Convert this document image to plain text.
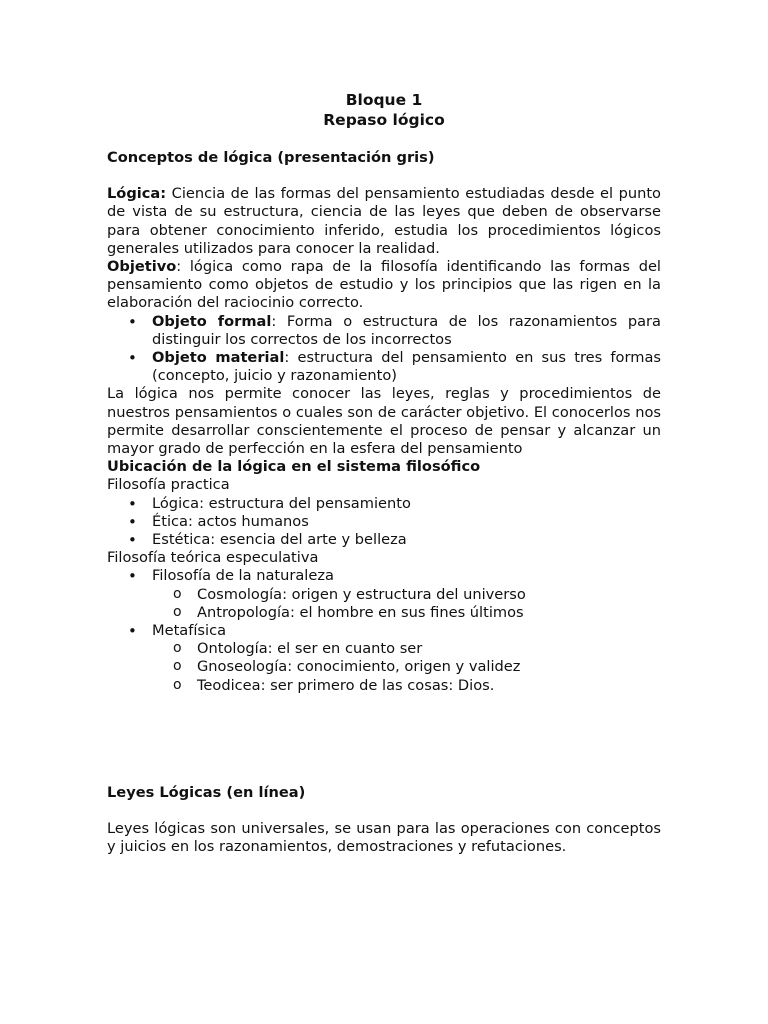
Bloque 1
Repaso lógico
Conceptos de lógica (presentación gris)

Lógica: Ciencia de las formas del pensamiento estudiadas desde el punto de vista de su estructura, ciencia de las leyes que deben de observarse para obtener conocimiento inferido, estudia los procedimientos lógicos generales utilizados para conocer la realidad.

Objetivo: lógica como rapa de la filosofía identificando las formas del pensamiento como objetos de estudio y los principios que las rigen en la elaboración del raciocinio correcto.

• Objeto formal: Forma o estructura de los razonamientos para distinguir los correctos de los incorrectos
• Objeto material: estructura del pensamiento en sus tres formas (concepto, juicio y razonamiento)

La lógica nos permite conocer las leyes, reglas y procedimientos de nuestros pensamientos o cuales son de carácter objetivo. El conocerlos nos permite desarrollar conscientemente el proceso de pensar y alcanzar un mayor grado de perfección en la esfera del pensamiento

Ubicación de la lógica en el sistema filosófico
Filosofía practica
• Lógica: estructura del pensamiento
• Ética: actos humanos
• Estética: esencia del arte y belleza
Filosofía teórica especulativa
• Filosofía de la naturaleza
o Cosmología: origen y estructura del universo
o Antropología: el hombre en sus fines últimos
• Metafísica
o Ontología: el ser en cuanto ser
o Gnoseología: conocimiento, origen y validez
o Teodicea: ser primero de las cosas: Dios.
Leyes Lógicas (en línea)

Leyes lógicas son universales, se usan para las operaciones con conceptos y juicios en los razonamientos, demostraciones y refutaciones.
